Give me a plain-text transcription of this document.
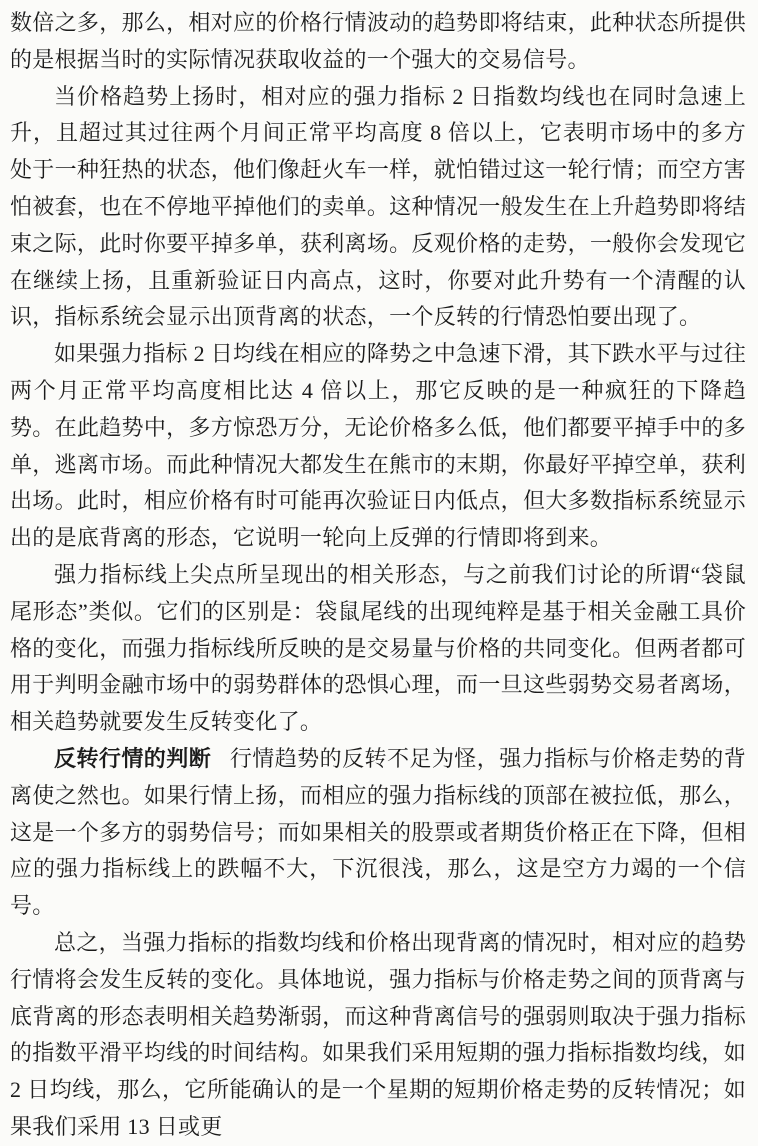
数倍之多，那么，相对应的价格行情波动的趋势即将结束，此种状态所提供的是根据当时的实际情况获取收益的一个强大的交易信号。

当价格趋势上扬时，相对应的强力指标 2 日指数均线也在同时急速上升，且超过其过往两个月间正常平均高度 8 倍以上，它表明市场中的多方处于一种狂热的状态，他们像赶火车一样，就怕错过这一轮行情；而空方害怕被套，也在不停地平掉他们的卖单。这种情况一般发生在上升趋势即将结束之际，此时你要平掉多单，获利离场。反观价格的走势，一般你会发现它在继续上扬，且重新验证日内高点，这时，你要对此升势有一个清醒的认识，指标系统会显示出顶背离的状态，一个反转的行情恐怕要出现了。

如果强力指标 2 日均线在相应的降势之中急速下滑，其下跌水平与过往两个月正常平均高度相比达 4 倍以上，那它反映的是一种疯狂的下降趋势。在此趋势中，多方惊恐万分，无论价格多么低，他们都要平掉手中的多单，逃离市场。而此种情况大都发生在熊市的末期，你最好平掉空单，获利出场。此时，相应价格有时可能再次验证日内低点，但大多数指标系统显示出的是底背离的形态，它说明一轮向上反弹的行情即将到来。

强力指标线上尖点所呈现出的相关形态，与之前我们讨论的所谓“袋鼠尾形态”类似。它们的区别是：袋鼠尾线的出现纯粹是基于相关金融工具价格的变化，而强力指标线所反映的是交易量与价格的共同变化。但两者都可用于判明金融市场中的弱势群体的恐惧心理，而一旦这些弱势交易者离场，相关趋势就要发生反转变化了。

反转行情的判断 行情趋势的反转不足为怪，强力指标与价格走势的背离使之然也。如果行情上扬，而相应的强力指标线的顶部在被拉低，那么，这是一个多方的弱势信号；而如果相关的股票或者期货价格正在下降，但相应的强力指标线上的跌幅不大，下沉很浅，那么，这是空方力竭的一个信号。

总之，当强力指标的指数均线和价格出现背离的情况时，相对应的趋势行情将会发生反转的变化。具体地说，强力指标与价格走势之间的顶背离与底背离的形态表明相关趋势渐弱，而这种背离信号的强弱则取决于强力指标的指数平滑平均线的时间结构。如果我们采用短期的强力指标指数均线，如 2 日均线，那么，它所能确认的是一个星期的短期价格走势的反转情况；如果我们采用 13 日或更
